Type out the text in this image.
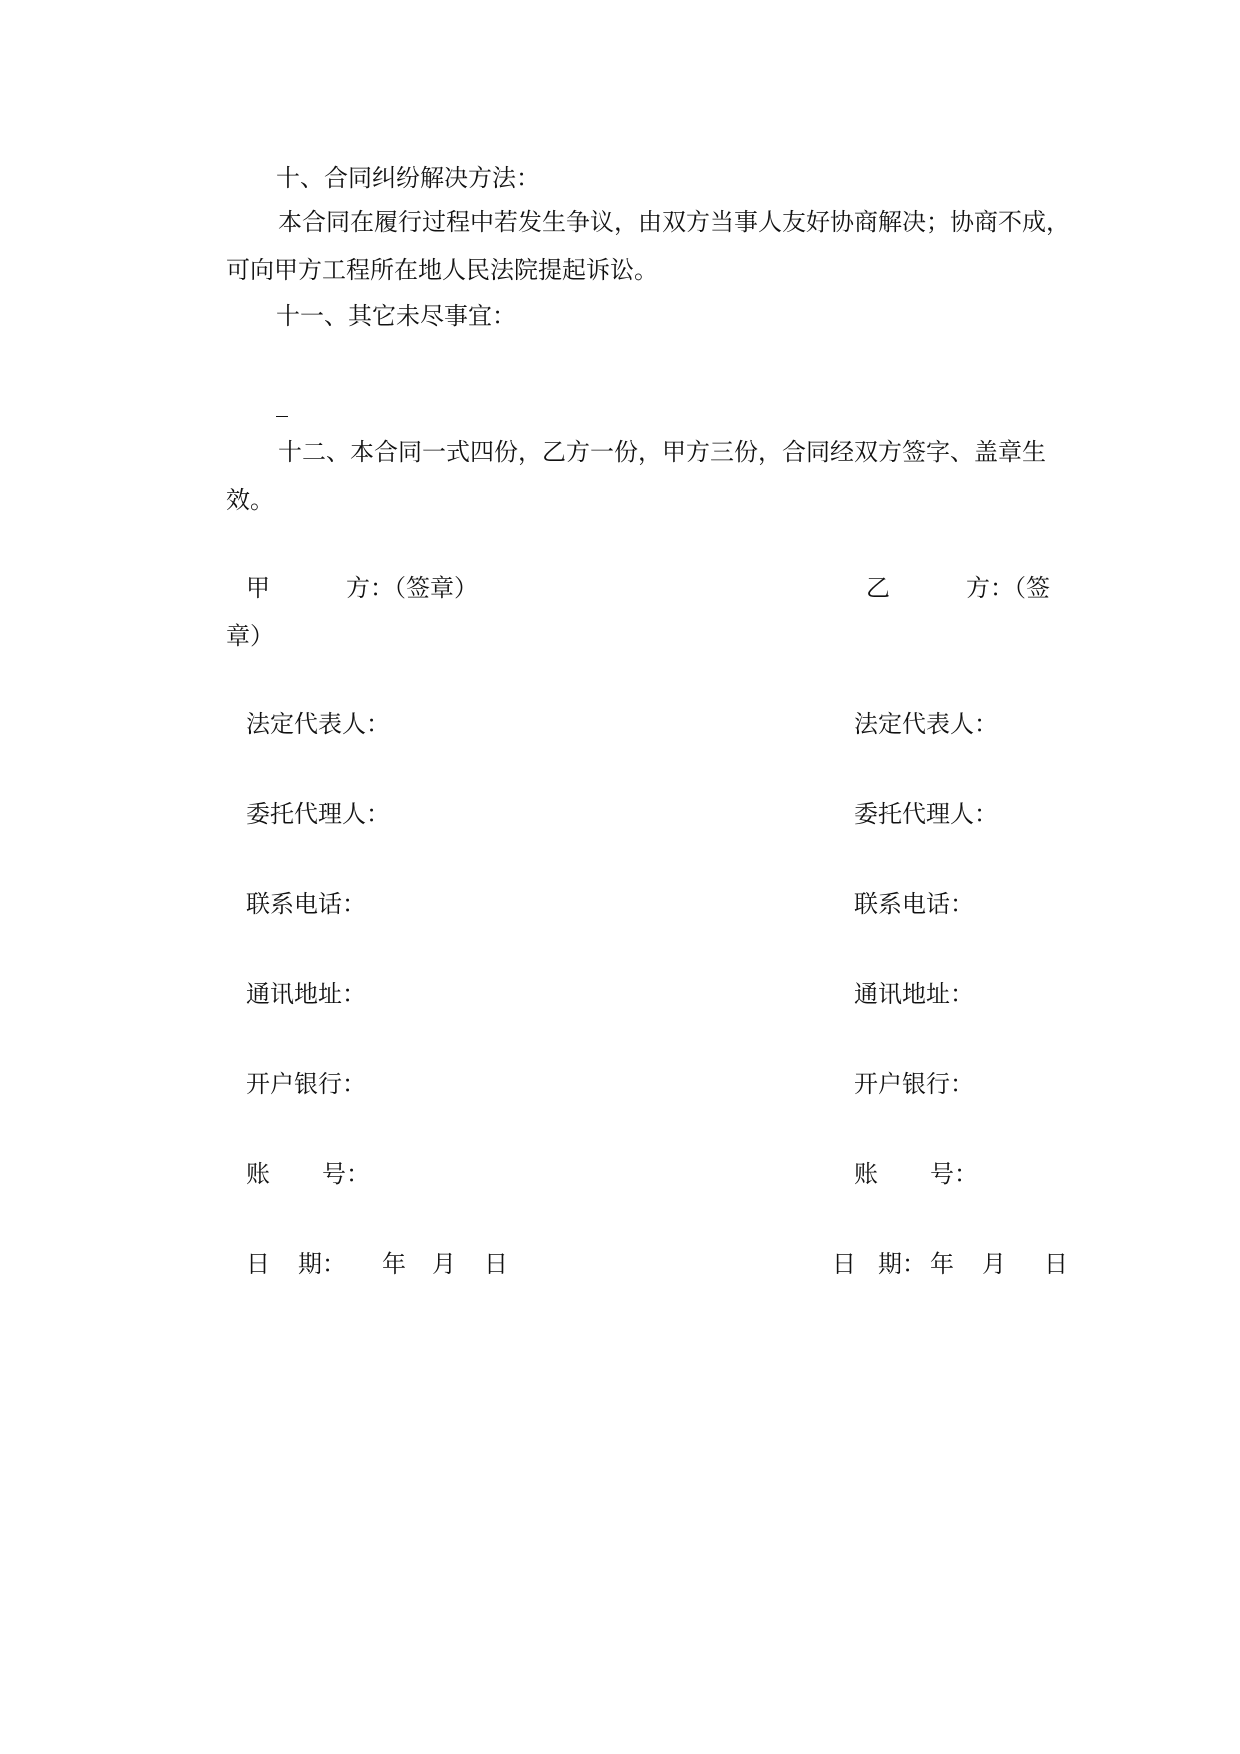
十、合同纠纷解决方法：
本合同在履行过程中若发生争议，由双方当事人友好协商解决；协商不成，可向甲方工程所在地人民法院提起诉讼。
十一、其它未尽事宜：
十二、本合同一式四份，乙方一份，甲方三份，合同经双方签字、盖章生效。
甲	方：（签章）
法定代表人：
委托代理人：
联系电话：
通讯地址：
开户银行：
账 号：
日 期： 年 月 日
乙	方：（签
章）
法定代表人：
委托代理人：
联系电话：
通讯地址：
开户银行：
账 号：
日 期： 年 月 日
